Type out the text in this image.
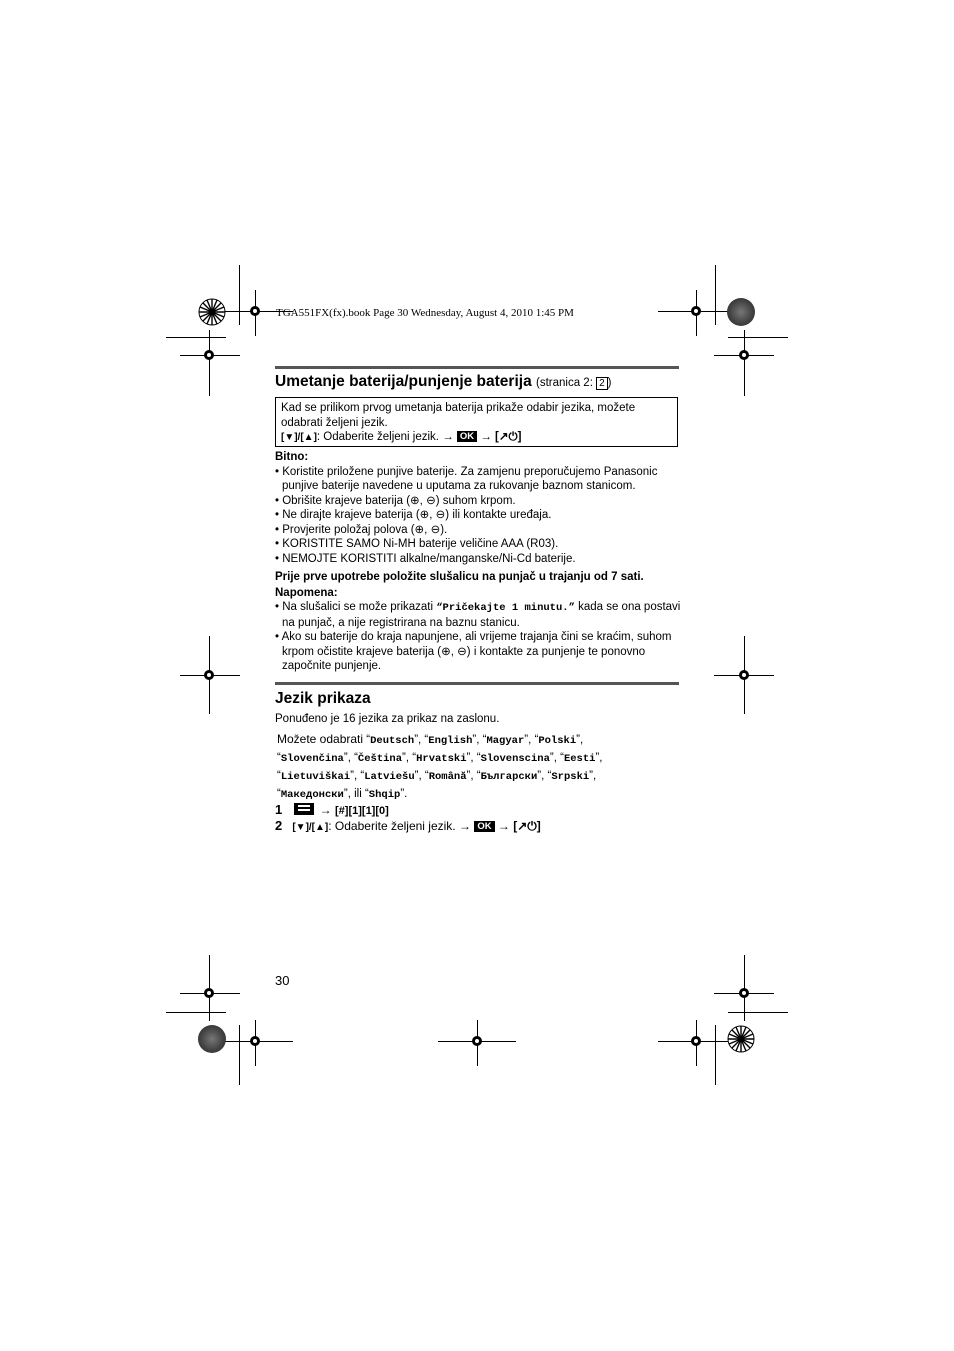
TGA551FX(fx).book Page 30 Wednesday, August 4, 2010 1:45 PM
Umetanje baterija/punjenje baterija (stranica 2: 2 )
Kad se prilikom prvog umetanja baterija prikaže odabir jezika, možete odabrati željeni jezik.
[▼]/[▲]: Odaberite željeni jezik. → OK → [↗⏻]
Bitno:
• Koristite priložene punjive baterije. Za zamjenu preporučujemo Panasonic punjive baterije navedene u uputama za rukovanje baznom stanicom.
• Obrišite krajeve baterija (⊕, ⊖) suhom krpom.
• Ne dirajte krajeve baterija (⊕, ⊖) ili kontakte uređaja.
• Provjerite položaj polova (⊕, ⊖).
• KORISTITE SAMO Ni-MH baterije veličine AAA (R03).
• NEMOJTE KORISTITI alkalne/manganske/Ni-Cd baterije.
Prije prve upotrebe položite slušalicu na punjač u trajanju od 7 sati.
Napomena:
• Na slušalici se može prikazati “Pričekajte 1 minutu.” kada se ona postavi na punjač, a nije registrirana na baznu stanicu.
• Ako su baterije do kraja napunjene, ali vrijeme trajanja čini se kraćim, suhom krpom očistite krajeve baterija (⊕, ⊖) i kontakte za punjenje te ponovno započnite punjenje.
Jezik prikaza
Ponuđeno je 16 jezika za prikaz na zaslonu.
Možete odabrati “Deutsch”, “English”, “Magyar”, “Polski”,
“Slovenčina”, “Čeština”, “Hrvatski”, “Slovenscina”, “Eesti”,
“Lietuviškai”, “Latviešu”, “Română”, “Български”, “Srpski”,
“Македонски”, ili “Shqip”.
1	→ [#][1][1][0]
2 [▼]/[▲]: Odaberite željeni jezik. → OK → [↗⏻]
30
